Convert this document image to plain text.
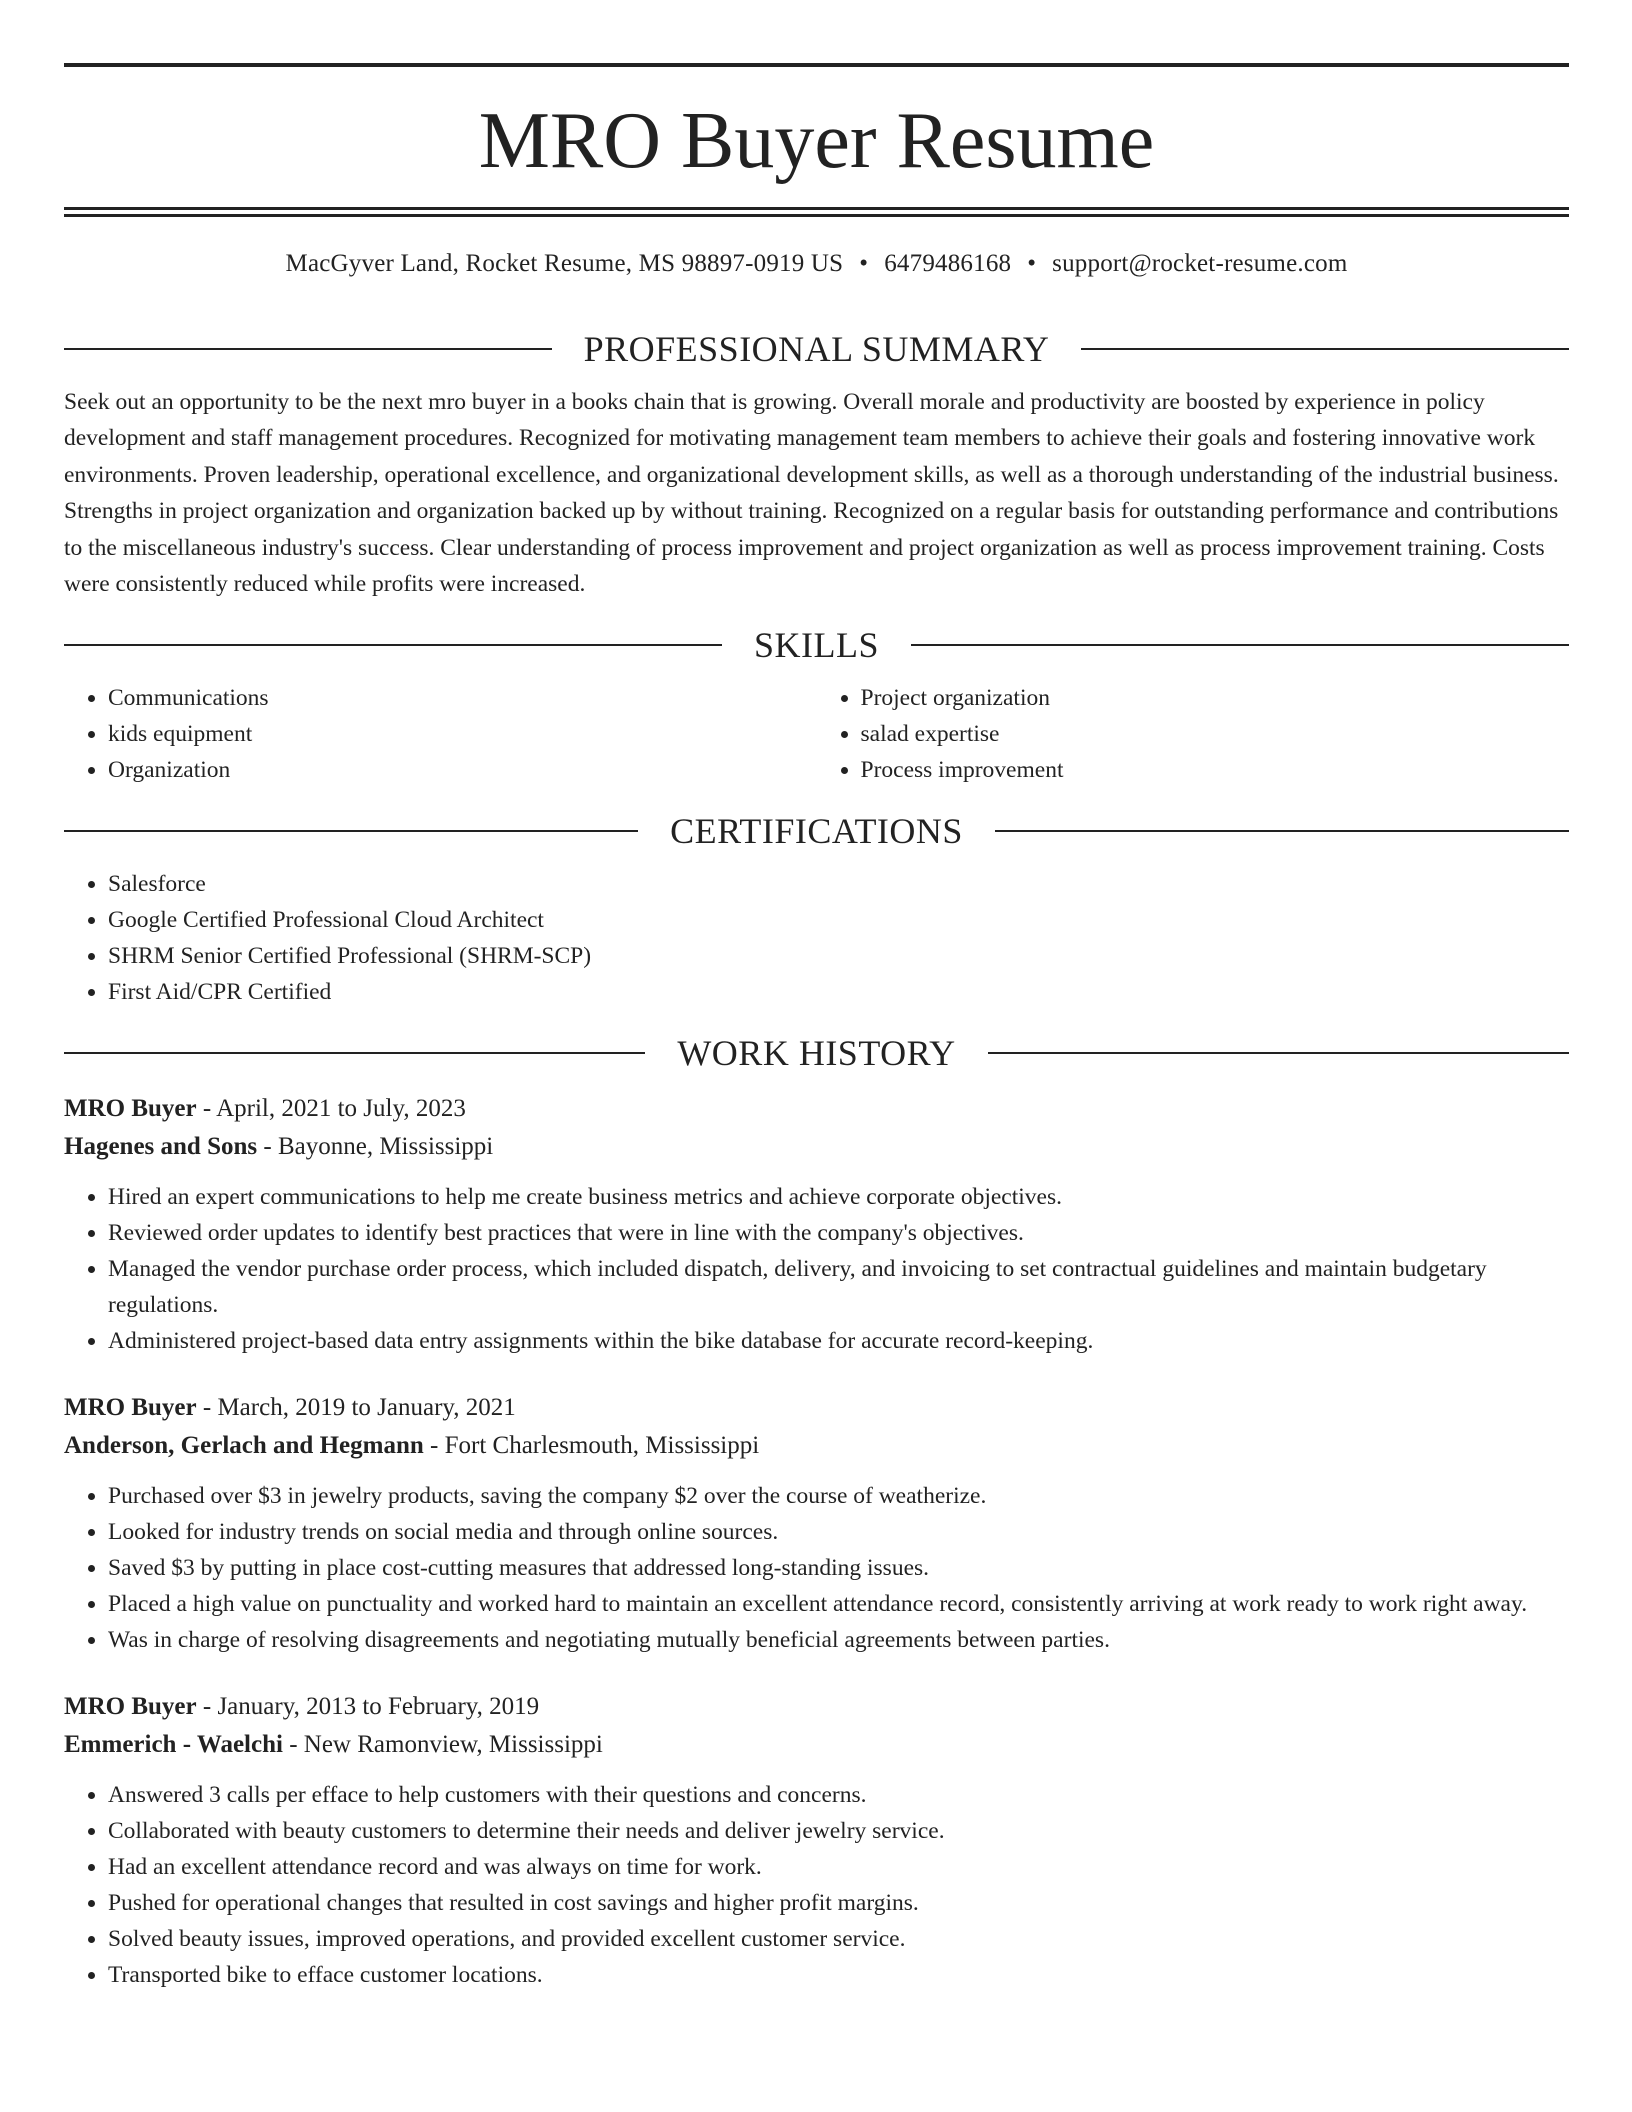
MRO Buyer Resume
MacGyver Land, Rocket Resume, MS 98897-0919 US • 6479486168 • support@rocket-resume.com
PROFESSIONAL SUMMARY

Seek out an opportunity to be the next mro buyer in a books chain that is growing. Overall morale and productivity are boosted by experience in policy development and staff management procedures. Recognized for motivating management team members to achieve their goals and fostering innovative work environments. Proven leadership, operational excellence, and organizational development skills, as well as a thorough understanding of the industrial business. Strengths in project organization and organization backed up by without training. Recognized on a regular basis for outstanding performance and contributions to the miscellaneous industry's success. Clear understanding of process improvement and project organization as well as process improvement training. Costs were consistently reduced while profits were increased.

SKILLS
• Communications
• kids equipment
• Organization
• Project organization
• salad expertise
• Process improvement
CERTIFICATIONS
• Salesforce
• Google Certified Professional Cloud Architect
• SHRM Senior Certified Professional (SHRM-SCP)
• First Aid/CPR Certified
WORK HISTORY
MRO Buyer - April, 2021 to July, 2023
Hagenes and Sons - Bayonne, Mississippi
• Hired an expert communications to help me create business metrics and achieve corporate objectives.
• Reviewed order updates to identify best practices that were in line with the company's objectives.
• Managed the vendor purchase order process, which included dispatch, delivery, and invoicing to set contractual guidelines and maintain budgetary regulations.
• Administered project-based data entry assignments within the bike database for accurate record-keeping.
MRO Buyer - March, 2019 to January, 2021
Anderson, Gerlach and Hegmann - Fort Charlesmouth, Mississippi
• Purchased over $3 in jewelry products, saving the company $2 over the course of weatherize.
• Looked for industry trends on social media and through online sources.
• Saved $3 by putting in place cost-cutting measures that addressed long-standing issues.
• Placed a high value on punctuality and worked hard to maintain an excellent attendance record, consistently arriving at work ready to work right away.
• Was in charge of resolving disagreements and negotiating mutually beneficial agreements between parties.
MRO Buyer - January, 2013 to February, 2019
Emmerich - Waelchi - New Ramonview, Mississippi
• Answered 3 calls per efface to help customers with their questions and concerns.
• Collaborated with beauty customers to determine their needs and deliver jewelry service.
• Had an excellent attendance record and was always on time for work.
• Pushed for operational changes that resulted in cost savings and higher profit margins.
• Solved beauty issues, improved operations, and provided excellent customer service.
• Transported bike to efface customer locations.
